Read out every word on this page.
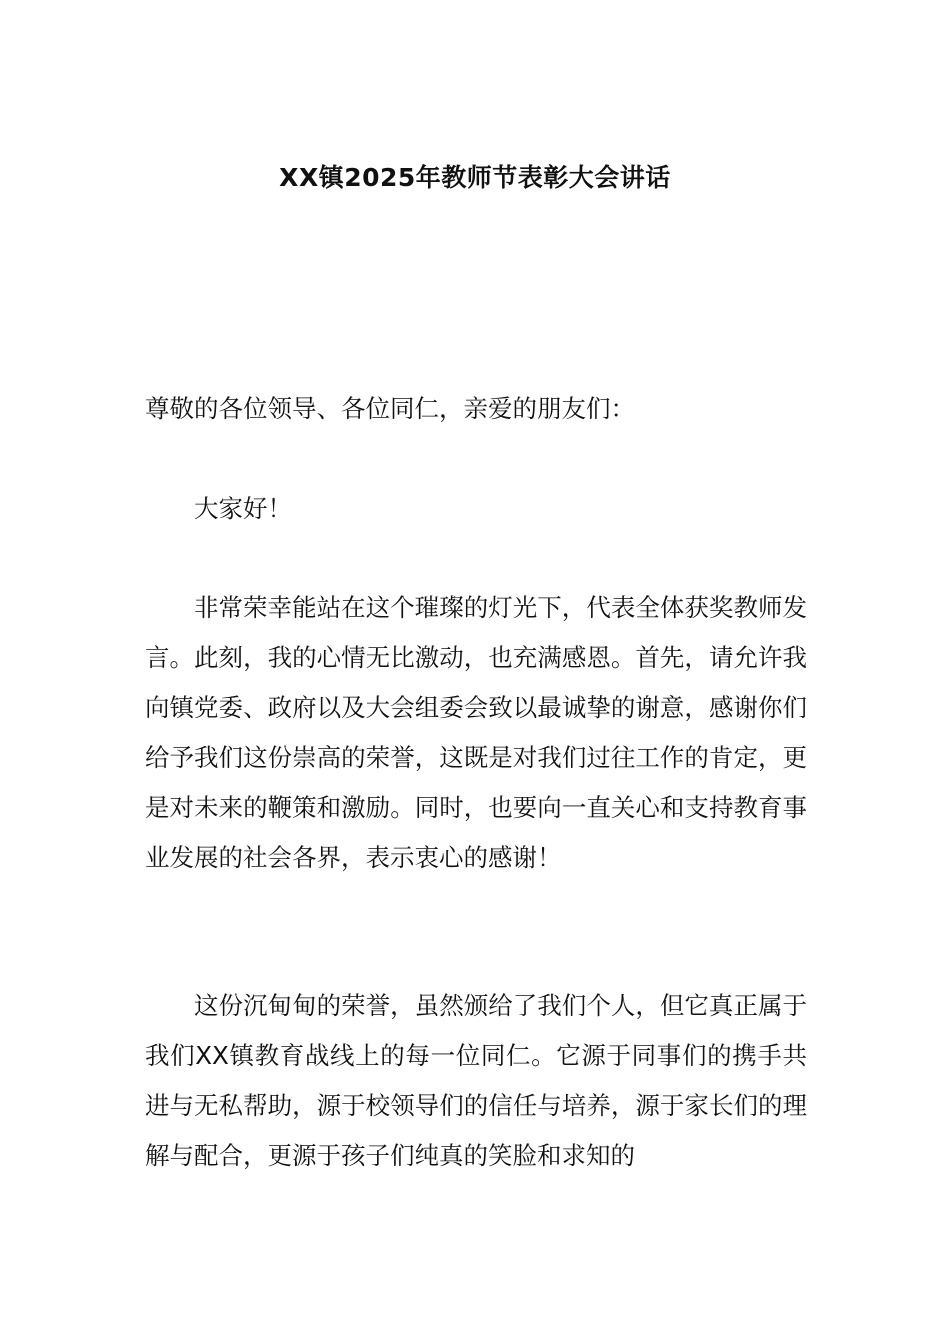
XX镇2025年教师节表彰大会讲话

尊敬的各位领导、各位同仁，亲爱的朋友们：

大家好！

非常荣幸能站在这个璀璨的灯光下，代表全体获奖教师发言。此刻，我的心情无比激动，也充满感恩。首先，请允许我向镇党委、政府以及大会组委会致以最诚挚的谢意，感谢你们给予我们这份崇高的荣誉，这既是对我们过往工作的肯定，更是对未来的鞭策和激励。同时，也要向一直关心和支持教育事业发展的社会各界，表示衷心的感谢！

这份沉甸甸的荣誉，虽然颁给了我们个人，但它真正属于我们XX镇教育战线上的每一位同仁。它源于同事们的携手共进与无私帮助，源于校领导们的信任与培养，源于家长们的理解与配合，更源于孩子们纯真的笑脸和求知的
